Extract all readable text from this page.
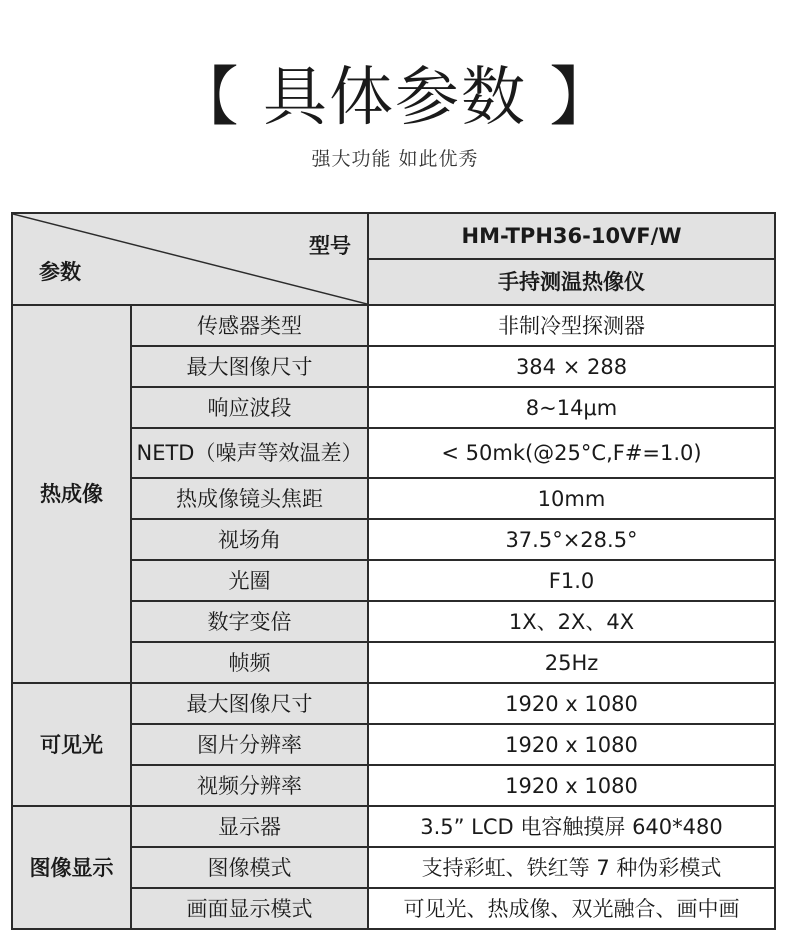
【 具体参数 】
强大功能 如此优秀
型号
参数		HM-TPH36-10VF/W
		手持测温热像仪
热成像	传感器类型	非制冷型探测器
	最大图像尺寸	384 × 288
	响应波段	8~14μm
	NETD（噪声等效温差）	< 50mk(@25°C,F#=1.0)
	热成像镜头焦距	10mm
	视场角	37.5°×28.5°
	光圈	F1.0
	数字变倍	1X、2X、4X
	帧频	25Hz
可见光	最大图像尺寸	1920 x 1080
	图片分辨率	1920 x 1080
	视频分辨率	1920 x 1080
图像显示	显示器	3.5” LCD 电容触摸屏 640*480
	图像模式	支持彩虹、铁红等 7 种伪彩模式
	画面显示模式	可见光、热成像、双光融合、画中画
